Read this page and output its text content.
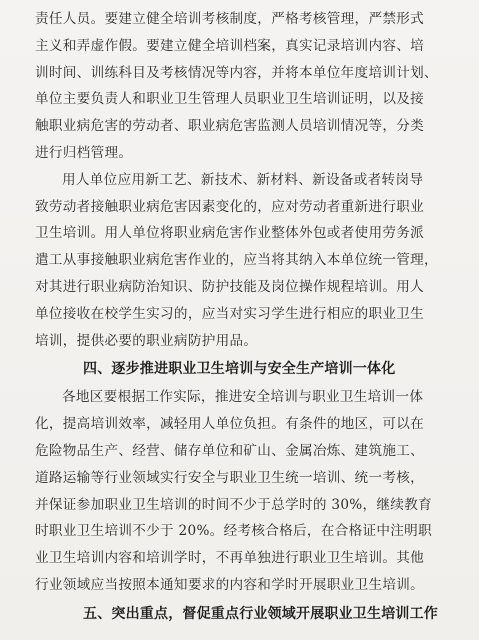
责任人员。要建立健全培训考核制度，严格考核管理，严禁形式
主义和弄虚作假。要建立健全培训档案，真实记录培训内容、培
训时间、训练科目及考核情况等内容，并将本单位年度培训计划、
单位主要负责人和职业卫生管理人员职业卫生培训证明，以及接
触职业病危害的劳动者、职业病危害监测人员培训情况等，分类
进行归档管理。
用人单位应用新工艺、新技术、新材料、新设备或者转岗导
致劳动者接触职业病危害因素变化的，应对劳动者重新进行职业
卫生培训。用人单位将职业病危害作业整体外包或者使用劳务派
遣工从事接触职业病危害作业的，应当将其纳入本单位统一管理，
对其进行职业病防治知识、防护技能及岗位操作规程培训。用人
单位接收在校学生实习的，应当对实习学生进行相应的职业卫生
培训，提供必要的职业病防护用品。
四、逐步推进职业卫生培训与安全生产培训一体化
各地区要根据工作实际，推进安全培训与职业卫生培训一体
化，提高培训效率，减轻用人单位负担。有条件的地区，可以在
危险物品生产、经营、储存单位和矿山、金属冶炼、建筑施工、
道路运输等行业领域实行安全与职业卫生统一培训、统一考核，
并保证参加职业卫生培训的时间不少于总学时的 30%，继续教育
时职业卫生培训不少于 20%。经考核合格后，在合格证中注明职
业卫生培训内容和培训学时，不再单独进行职业卫生培训。其他
行业领域应当按照本通知要求的内容和学时开展职业卫生培训。
五、突出重点，督促重点行业领域开展职业卫生培训工作
